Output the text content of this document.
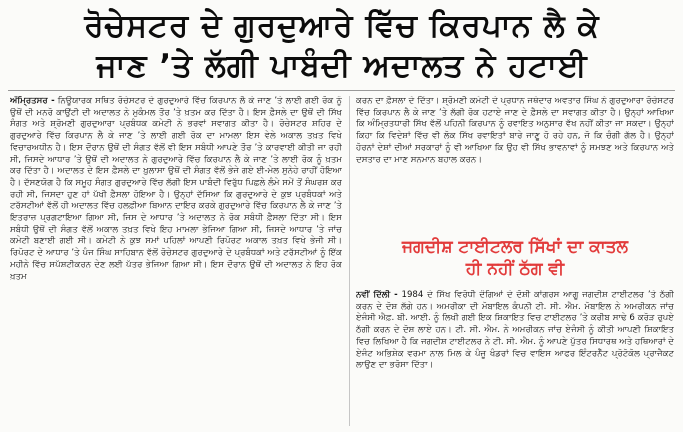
ਰੋਚੇਸਟਰ ਦੇ ਗੁਰਦੁਆਰੇ ਵਿੱਚ ਕਿਰਪਾਨ ਲੈ ਕੇ
ਜਾਣ ’ਤੇ ਲੱਗੀ ਪਾਬੰਦੀ ਅਦਾਲਤ ਨੇ ਹਟਾਈ

ਅੰਮ੍ਰਿਤਸਰ - ਨਿਊਯਾਰਕ ਸਥਿਤ ਰੋਚੇਸਟਰ ਦੇ ਗੁਰਦੁਆਰੇ ਵਿੱਚ ਕਿਰਪਾਨ ਲੈ ਕੇ ਜਾਣ ’ਤੇ ਲਾਈ ਗਈ ਰੋਕ ਨੂੰ ਉਥੋਂ ਦੀ ਮਨਰੋ ਕਾਉਂਟੀ ਦੀ ਅਦਾਲਤ ਨੇ ਮੁਕੰਮਲ ਤੌਰ ’ਤੇ ਖ਼ਤਮ ਕਰ ਦਿੱਤਾ ਹੈ। ਇਸ ਫ਼ੈਸਲੇ ਦਾ ਉਥੋਂ ਦੀ ਸਿੱਖ ਸੰਗਤ ਅਤੇ ਸ਼੍ਰੋਮਣੀ ਗੁਰਦੁਆਰਾ ਪ੍ਰਬੰਧਕ ਕਮੇਟੀ ਨੇ ਭਰਵਾਂ ਸਵਾਗਤ ਕੀਤਾ ਹੈ। ਰੋਚੇਸਟਰ ਸ਼ਹਿਰ ਦੇ ਗੁਰਦੁਆਰੇ ਵਿੱਚ ਕਿਰਪਾਨ ਲੈ ਕੇ ਜਾਣ ’ਤੇ ਲਾਈ ਗਈ ਰੋਕ ਦਾ ਮਾਮਲਾ ਇਸ ਵੇਲੇ ਅਕਾਲ ਤਖ਼ਤ ਵਿਖੇ ਵਿਚਾਰਅਧੀਨ ਹੈ। ਇਸ ਦੌਰਾਨ ਉਥੋਂ ਦੀ ਸੰਗਤ ਵੱਲੋਂ ਵੀ ਇਸ ਸਬੰਧੀ ਆਪਣੇ ਤੌਰ ’ਤੇ ਕਾਰਵਾਈ ਕੀਤੀ ਜਾ ਰਹੀ ਸੀ, ਜਿਸਦੇ ਆਧਾਰ ’ਤੇ ਉਥੋਂ ਦੀ ਅਦਾਲਤ ਨੇ ਗੁਰਦੁਆਰੇ ਵਿੱਚ ਕਿਰਪਾਨ ਲੈ ਕੇ ਜਾਣ ’ਤੇ ਲਾਈ ਰੋਕ ਨੂੰ ਖ਼ਤਮ ਕਰ ਦਿੱਤਾ ਹੈ। ਅਦਾਲਤ ਦੇ ਇਸ ਫ਼ੈਸਲੇ ਦਾ ਖ਼ੁਲਾਸਾ ਉਥੋਂ ਦੀ ਸੰਗਤ ਵੱਲੋਂ ਭੇਜੇ ਗਏ ਈ-ਮੇਲ ਸੁਨੇਹੇ ਰਾਹੀਂ ਹੋਇਆ ਹੈ। ਦੱਸਣਯੋਗ ਹੈ ਕਿ ਸਮੂਹ ਸੰਗਤ ਗੁਰਦੁਆਰੇ ਵਿੱਚ ਲੱਗੀ ਇਸ ਪਾਬੰਦੀ ਵਿਰੁੱਧ ਪਿਛਲੇ ਲੰਮੇ ਸਮੇਂ ਤੋਂ ਸੰਘਰਸ਼ ਕਰ ਰਹੀ ਸੀ, ਜਿਸਦਾ ਹੁਣ ਹਾਂ ਪੱਖੀ ਫ਼ੈਸਲਾ ਹੋਇਆ ਹੈ। ਉਨ੍ਹਾਂ ਦੱਸਿਆ ਕਿ ਗੁਰਦੁਆਰੇ ਦੇ ਕੁਝ ਪ੍ਰਬੰਧਕਾਂ ਅਤੇ ਟਰੱਸਟੀਆਂ ਵੱਲੋਂ ਹੀ ਅਦਾਲਤ ਵਿੱਚ ਹਲਫ਼ੀਆ ਬਿਆਨ ਦਾਇਰ ਕਰਕੇ ਗੁਰਦੁਆਰੇ ਵਿੱਚ ਕਿਰਪਾਨ ਲੈ ਕੇ ਜਾਣ ’ਤੇ ਇਤਰਾਜ਼ ਪ੍ਰਗਟਾਇਆ ਗਿਆ ਸੀ, ਜਿਸ ਦੇ ਆਧਾਰ ’ਤੇ ਅਦਾਲਤ ਨੇ ਰੋਕ ਸਬੰਧੀ ਫ਼ੈਸਲਾ ਦਿੱਤਾ ਸੀ। ਇਸ ਸਬੰਧੀ ਉਥੋਂ ਦੀ ਸੰਗਤ ਵੱਲੋਂ ਅਕਾਲ ਤਖ਼ਤ ਵਿਖੇ ਇਹ ਮਾਮਲਾ ਭੇਜਿਆ ਗਿਆ ਸੀ, ਜਿਸਦੇ ਆਧਾਰ ’ਤੇ ਜਾਂਚ ਕਮੇਟੀ ਬਣਾਈ ਗਈ ਸੀ। ਕਮੇਟੀ ਨੇ ਕੁਝ ਸਮਾਂ ਪਹਿਲਾਂ ਆਪਣੀ ਰਿਪੋਰਟ ਅਕਾਲ ਤਖ਼ਤ ਵਿਖੇ ਭੇਜੀ ਸੀ। ਰਿਪੋਰਟ ਦੇ ਆਧਾਰ ’ਤੇ ਪੰਜ ਸਿੰਘ ਸਾਹਿਬਾਨ ਵੱਲੋਂ ਰੋਚੇਸਟਰ ਗੁਰਦੁਆਰੇ ਦੇ ਪ੍ਰਬੰਧਕਾਂ ਅਤੇ ਟਰੱਸਟੀਆਂ ਨੂੰ ਇੱਕ ਮਹੀਨੇ ਵਿੱਚ ਸਪੱਸ਼ਟੀਕਰਨ ਦੇਣ ਲਈ ਪੱਤਰ ਭੇਜਿਆ ਗਿਆ ਸੀ। ਇਸ ਦੌਰਾਨ ਉਥੋਂ ਦੀ ਅਦਾਲਤ ਨੇ ਇਹ ਰੋਕ ਖ਼ਤਮ

ਕਰਨ ਦਾ ਫ਼ੈਸਲਾ ਦੇ ਦਿੱਤਾ। ਸ਼੍ਰੋਮਣੀ ਕਮੇਟੀ ਦੇ ਪ੍ਰਧਾਨ ਜਥੇਦਾਰ ਅਵਤਾਰ ਸਿੰਘ ਨੇ ਗੁਰਦੁਆਰਾ ਰੋਚੇਸਟਰ ਵਿੱਚ ਕਿਰਪਾਨ ਲੈ ਕੇ ਜਾਣ ’ਤੇ ਲੱਗੀ ਰੋਕ ਹਟਾਏ ਜਾਣ ਦੇ ਫ਼ੈਸਲੇ ਦਾ ਸਵਾਗਤ ਕੀਤਾ ਹੈ। ਉਨ੍ਹਾਂ ਆਖਿਆ ਕਿ ਅੰਮ੍ਰਿਤਧਾਰੀ ਸਿੱਖ ਵੱਲੋਂ ਪਹਿਨੀ ਕਿਰਪਾਨ ਨੂੰ ਰਵਾਇਤ ਅਨੁਸਾਰ ਵੱਖ ਨਹੀਂ ਕੀਤਾ ਜਾ ਸਕਦਾ। ਉਨ੍ਹਾਂ ਕਿਹਾ ਕਿ ਵਿਦੇਸ਼ਾਂ ਵਿੱਚ ਵੀ ਲੋਕ ਸਿੱਖ ਰਵਾਇਤਾਂ ਬਾਰੇ ਜਾਣੂ ਹੋ ਰਹੇ ਹਨ, ਜੋ ਕਿ ਚੰਗੀ ਗੱਲ ਹੈ। ਉਨ੍ਹਾਂ ਹੋਰਨਾਂ ਦੇਸ਼ਾਂ ਦੀਆਂ ਸਰਕਾਰਾਂ ਨੂੰ ਵੀ ਆਖਿਆ ਕਿ ਉਹ ਵੀ ਸਿੱਖ ਭਾਵਨਾਵਾਂ ਨੂੰ ਸਮਝਣ ਅਤੇ ਕਿਰਪਾਨ ਅਤੇ ਦਸਤਾਰ ਦਾ ਮਾਣ ਸਨਮਾਨ ਬਹਾਲ ਕਰਨ।

ਜਗਦੀਸ਼ ਟਾਈਟਲਰ ਸਿੱਖਾਂ ਦਾ ਕਾਤਲ
ਹੀ ਨਹੀਂ ਠੱਗ ਵੀ

ਨਵੀਂ ਦਿੱਲੀ - 1984 ਦੇ ਸਿੱਖ ਵਿਰੋਧੀ ਦੰਗਿਆਂ ਦੇ ਦੋਸ਼ੀ ਕਾਂਗਰਸ ਆਗੂ ਜਗਦੀਸ਼ ਟਾਈਟਲਰ ’ਤੇ ਠੱਗੀ ਕਰਨ ਦੇ ਦੋਸ਼ ਲੱਗੇ ਹਨ। ਅਮਰੀਕਾ ਦੀ ਮੋਬਾਇਲ ਕੰਪਨੀ ਟੀ. ਸੀ. ਐਮ. ਮੋਬਾਇਲ ਨੇ ਅਮਰੀਕਨ ਜਾਂਚ ਏਜੰਸੀ ਐਫ਼. ਬੀ. ਆਈ. ਨੂੰ ਲਿਖੀ ਗਈ ਇਕ ਸ਼ਿਕਾਇਤ ਵਿਚ ਟਾਈਟਲਰ ’ਤੇ ਕਰੀਬ ਸਾਢੇ 6 ਕਰੋੜ ਰੁਪਏ ਠੱਗੀ ਕਰਨ ਦੇ ਦੋਸ਼ ਲਾਏ ਹਨ। ਟੀ. ਸੀ. ਐਮ. ਨੇ ਅਮਰੀਕਨ ਜਾਂਚ ਏਜੰਸੀ ਨੂੰ ਕੀਤੀ ਆਪਣੀ ਸ਼ਿਕਾਇਤ ਵਿਚ ਲਿਖਿਆ ਹੈ ਕਿ ਜਗਦੀਸ਼ ਟਾਈਟਲਰ ਨੇ ਟੀ. ਸੀ. ਐਮ. ਨੂੰ ਆਪਣੇ ਪੁੱਤਰ ਸਿਧਾਰਥ ਅਤੇ ਹਥਿਆਰਾਂ ਦੇ ਏਜੰਟ ਅਭਿਸ਼ੇਕ ਵਰਮਾ ਨਾਲ ਮਿਲ ਕੇ ਪੰਜੂ ਖੰਡਰਾਂ ਵਿਚ ਵਾਇਸ ਆਫਰ ਇੰਟਰਨੈੱਟ ਪ੍ਰੋਟੋਕੋਲ ਪ੍ਰਾਜੈਕਟ ਲਾਉਣ ਦਾ ਭਰੋਸਾ ਦਿੱਤਾ।
